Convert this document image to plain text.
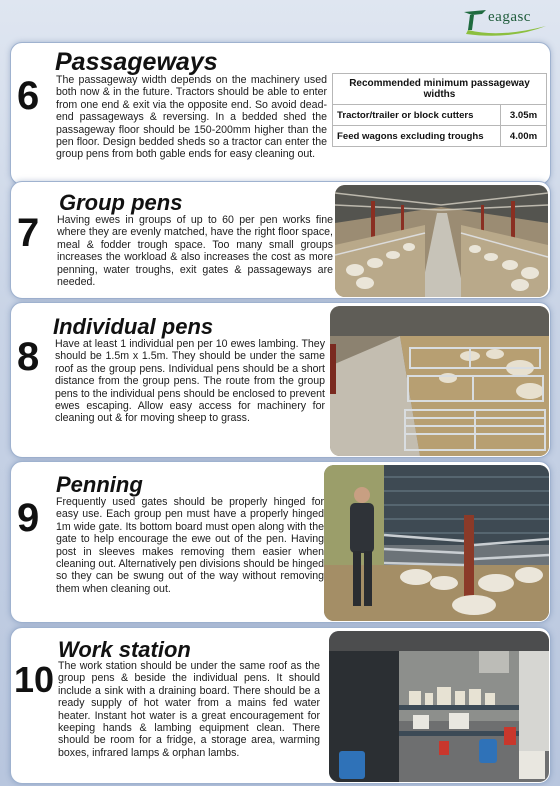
eagasc
6
Passageways

The passageway width depends on the machinery used both now & in the future. Tractors should be able to enter from one end & exit via the opposite end. So avoid dead-end passageways & reversing. In a bedded shed the passageway floor should be 150-200mm higher than the pen floor. Design bedded sheds so a tractor can enter the group pens from both gable ends for easy cleaning out.

Recommended minimum passageway widths	
Tractor/trailer or block cutters	3.05m
Feed wagons excluding troughs	4.00m
7
Group pens

Having ewes in groups of up to 60 per pen works fine where they are evenly matched, have the right floor space, meal & fodder trough space. Too many small groups increases the workload & also increases the cost as more penning, water troughs, exit gates & passageways are needed.

8
Individual pens

Have at least 1 individual pen per 10 ewes lambing. They should be 1.5m x 1.5m. They should be under the same roof as the group pens. Individual pens should be a short distance from the group pens. The route from the group pens to the individual pens should be enclosed to prevent ewes escaping. Allow easy access for machinery for cleaning out & for moving sheep to grass.

9
Penning

Frequently used gates should be properly hinged for easy use. Each group pen must have a properly hinged 1m wide gate. Its bottom board must open along with the gate to help encourage the ewe out of the pen. Having post in sleeves makes removing them easier when cleaning out. Alternatively pen divisions should be hinged so they can be swung out of the way without removing them when cleaning out.

10
Work station

The work station should be under the same roof as the group pens & beside the individual pens. It should include a sink with a draining board. There should be a ready supply of hot water from a mains fed water heater. Instant hot water is a great encouragement for keeping hands & lambing equipment clean. There should be room for a fridge, a storage area, warming boxes, infrared lamps & orphan lambs.
